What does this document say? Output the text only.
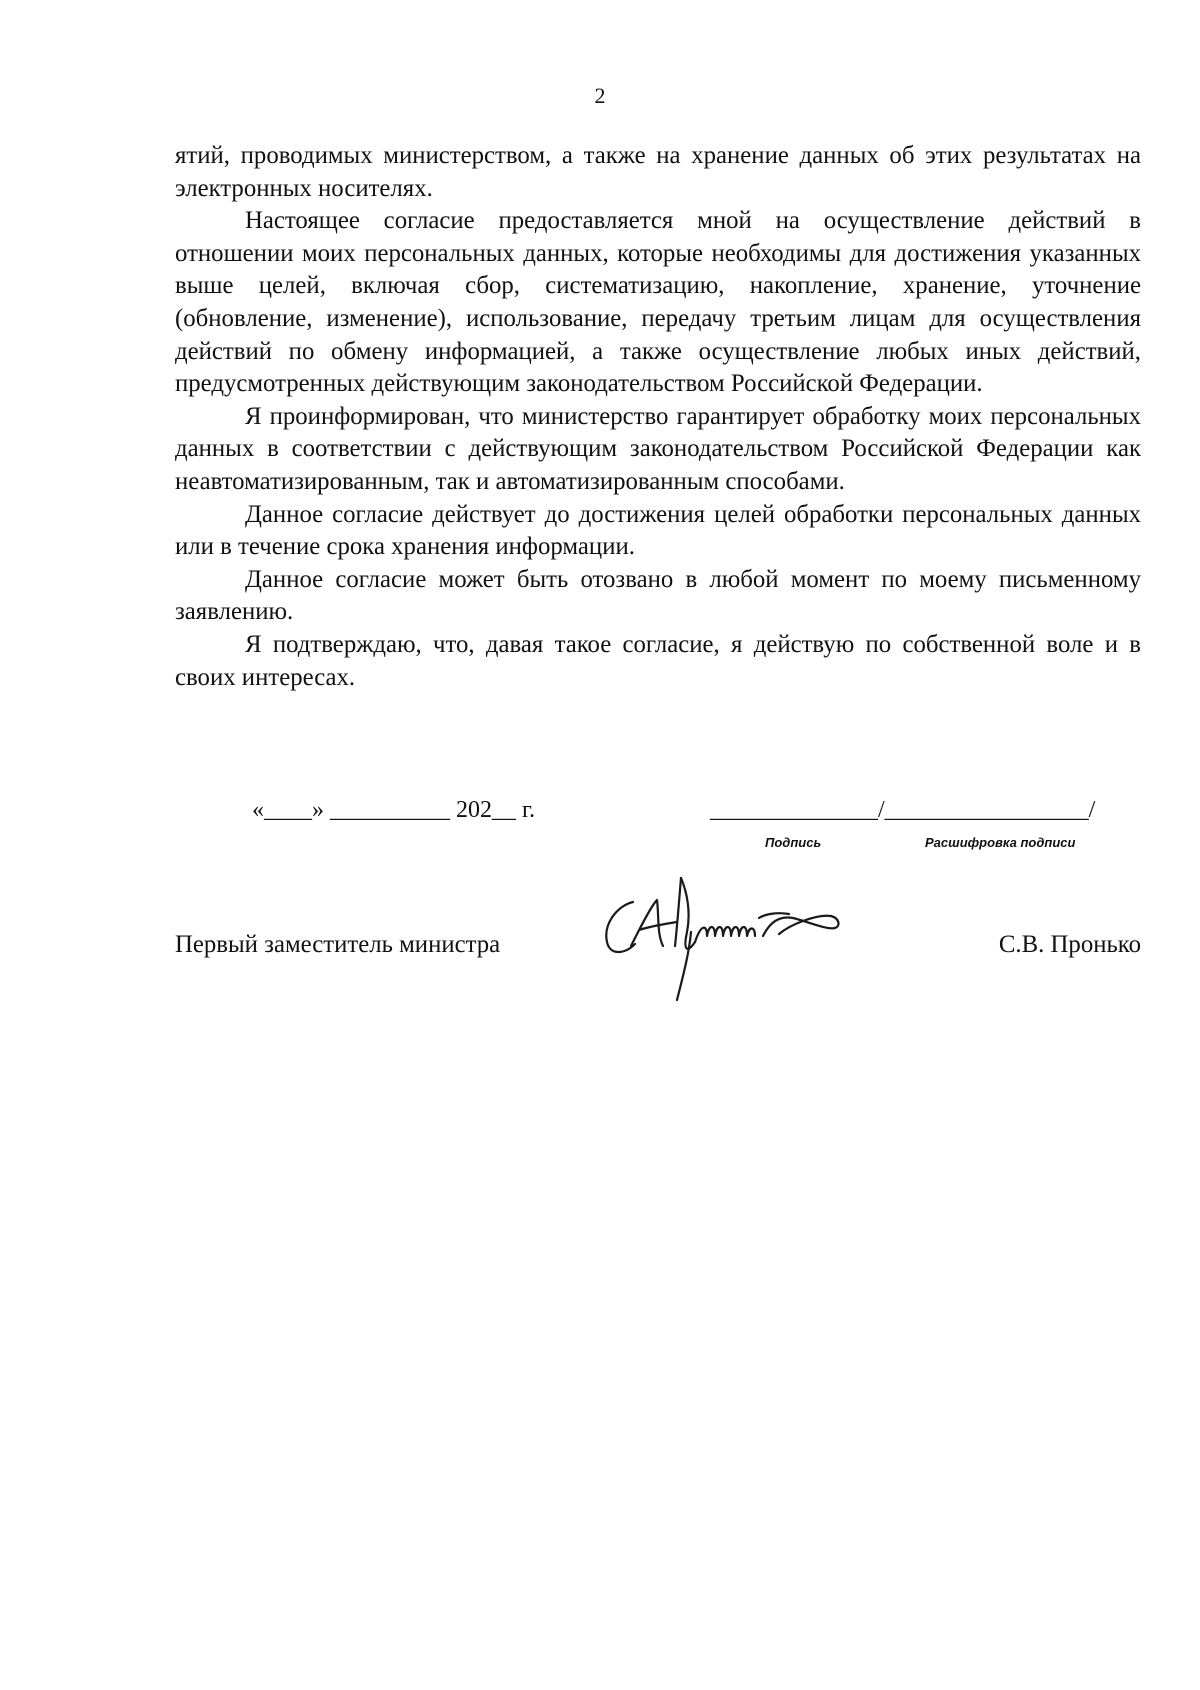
2

ятий, проводимых министерством, а также на хранение данных об этих результатах на электронных носителях.

Настоящее согласие предоставляется мной на осуществление действий в отношении моих персональных данных, которые необходимы для достижения указанных выше целей, включая сбор, систематизацию, накопление, хранение, уточнение (обновление, изменение), использование, передачу третьим лицам для осуществления действий по обмену информацией, а также осуществление любых иных действий, предусмотренных действующим законодательством Российской Федерации.

Я проинформирован, что министерство гарантирует обработку моих персональных данных в соответствии с действующим законодательством Российской Федерации как неавтоматизированным, так и автоматизированным способами.

Данное согласие действует до достижения целей обработки персональных данных или в течение срока хранения информации.

Данное согласие может быть отозвано в любой момент по моему письменному заявлению.

Я подтверждаю, что, давая такое согласие, я действую по собственной воле и в своих интересах.

«____» __________ 202__ г.	______________/_________________/
Подпись	Расшифровка подписи
Первый заместитель министра	С.В. Пронько
